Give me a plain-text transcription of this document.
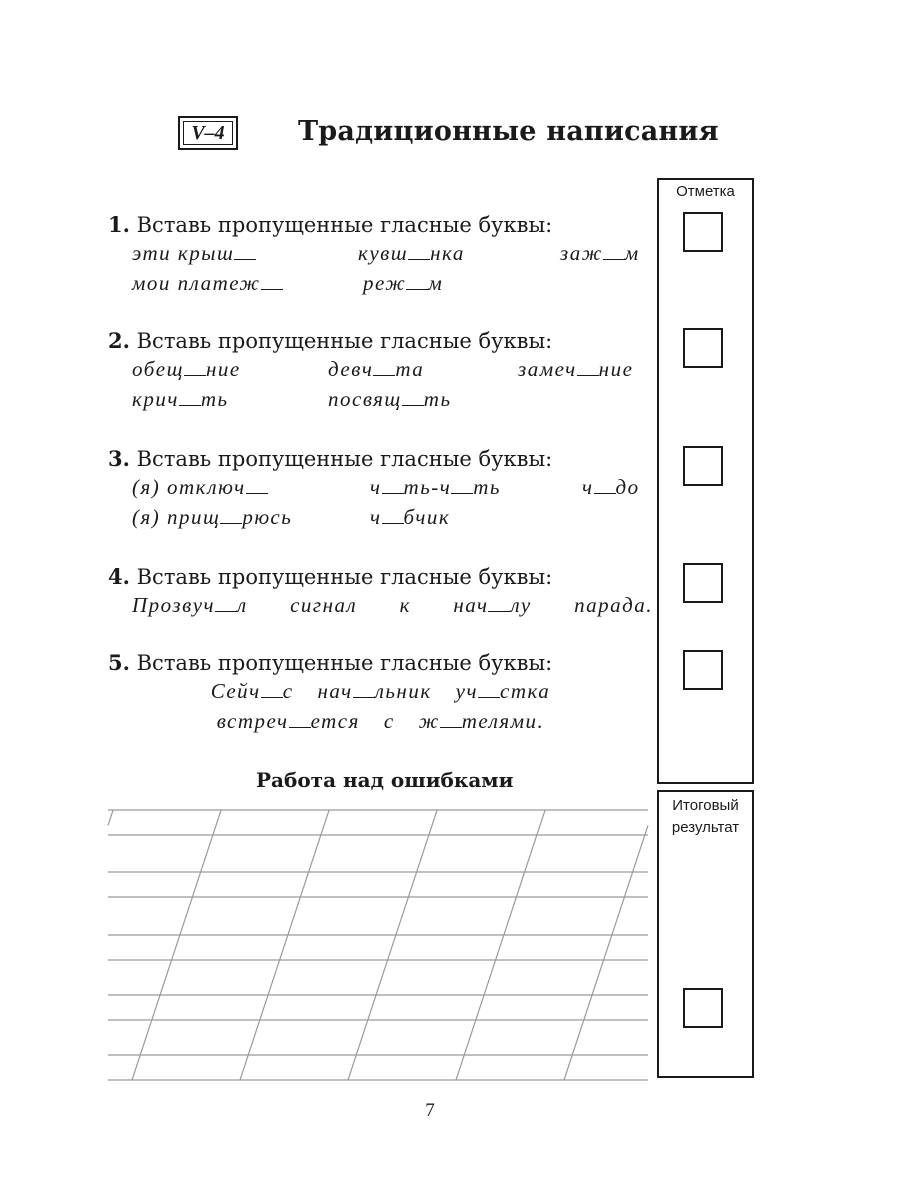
V–4	Традиционные написания
1. Вставь пропущенные гласные буквы:
эти крыш	кувш нка	заж м
мои платеж	реж м
2. Вставь пропущенные гласные буквы:
обещ ние	девч та	замеч ние
крич ть	посвящ ть
3. Вставь пропущенные гласные буквы:
(я) отключ	ч ть-ч ть	ч до
(я) прищ рюсь	ч бчик
4. Вставь пропущенные гласные буквы:
Прозвуч л сигнал к нач лу парада.
5. Вставь пропущенные гласные буквы:
Сейч с нач льник уч стка
встреч ется с ж телями.
Отметка
Работа над ошибками
Итоговый
результат
7
